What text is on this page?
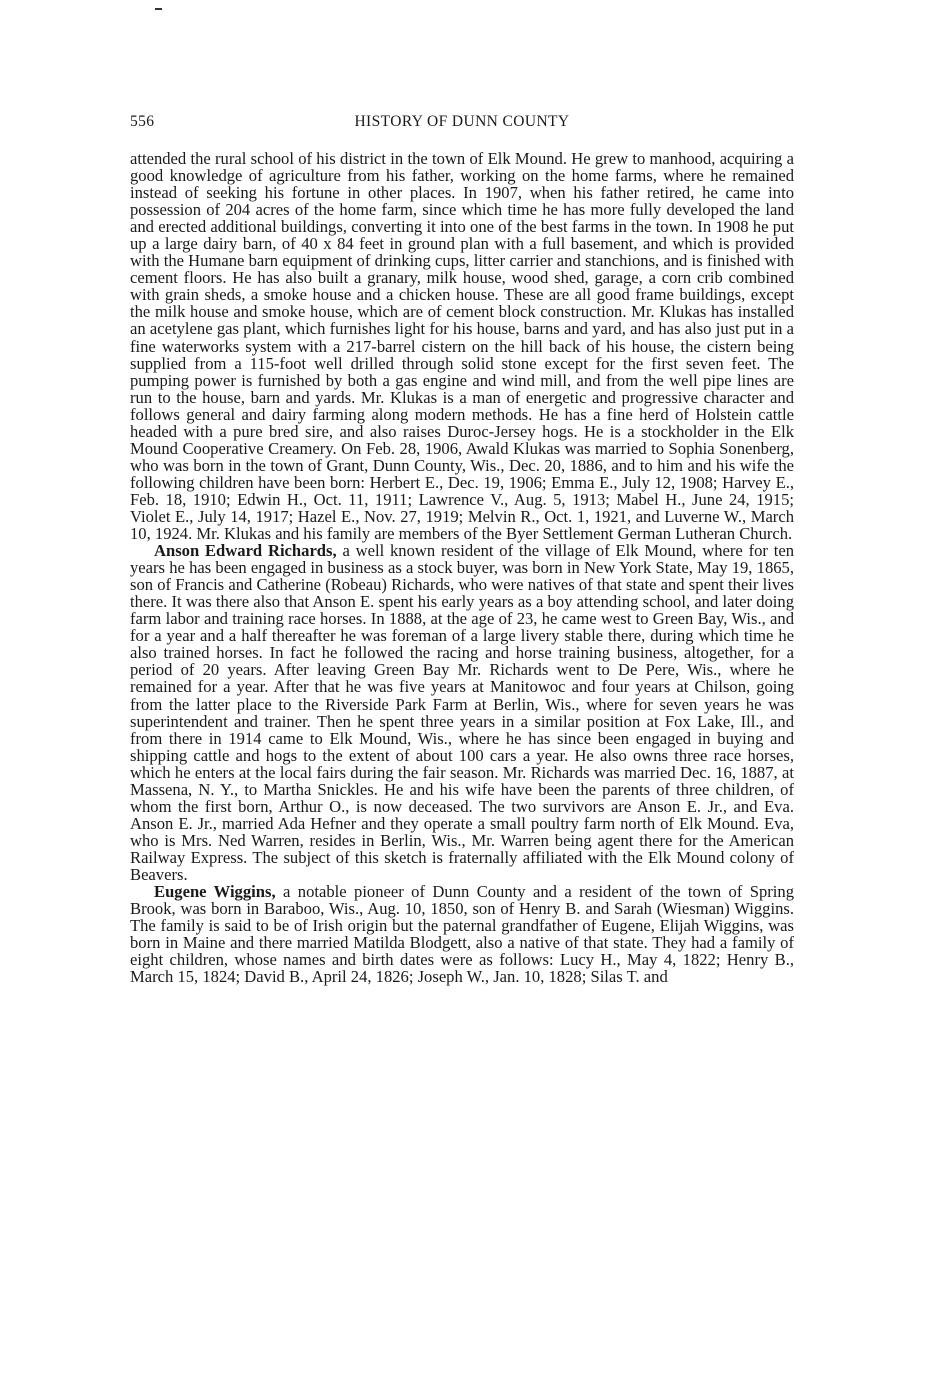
556	HISTORY OF DUNN COUNTY

attended the rural school of his district in the town of Elk Mound. He grew to manhood, acquiring a good knowledge of agriculture from his father, working on the home farms, where he remained instead of seeking his fortune in other places. In 1907, when his father retired, he came into possession of 204 acres of the home farm, since which time he has more fully developed the land and erected additional buildings, converting it into one of the best farms in the town. In 1908 he put up a large dairy barn, of 40 x 84 feet in ground plan with a full basement, and which is provided with the Humane barn equipment of drinking cups, litter carrier and stanchions, and is finished with cement floors. He has also built a granary, milk house, wood shed, garage, a corn crib combined with grain sheds, a smoke house and a chicken house. These are all good frame buildings, except the milk house and smoke house, which are of cement block construction. Mr. Klukas has installed an acetylene gas plant, which furnishes light for his house, barns and yard, and has also just put in a fine waterworks system with a 217-barrel cistern on the hill back of his house, the cistern being supplied from a 115-foot well drilled through solid stone except for the first seven feet. The pumping power is furnished by both a gas engine and wind mill, and from the well pipe lines are run to the house, barn and yards. Mr. Klukas is a man of energetic and progressive character and follows general and dairy farming along modern methods. He has a fine herd of Holstein cattle headed with a pure bred sire, and also raises Duroc-Jersey hogs. He is a stockholder in the Elk Mound Cooperative Creamery. On Feb. 28, 1906, Awald Klukas was married to Sophia Sonenberg, who was born in the town of Grant, Dunn County, Wis., Dec. 20, 1886, and to him and his wife the following children have been born: Herbert E., Dec. 19, 1906; Emma E., July 12, 1908; Harvey E., Feb. 18, 1910; Edwin H., Oct. 11, 1911; Lawrence V., Aug. 5, 1913; Mabel H., June 24, 1915; Violet E., July 14, 1917; Hazel E., Nov. 27, 1919; Melvin R., Oct. 1, 1921, and Luverne W., March 10, 1924. Mr. Klukas and his family are members of the Byer Settlement German Lutheran Church.

Anson Edward Richards, a well known resident of the village of Elk Mound, where for ten years he has been engaged in business as a stock buyer, was born in New York State, May 19, 1865, son of Francis and Catherine (Robeau) Richards, who were natives of that state and spent their lives there. It was there also that Anson E. spent his early years as a boy attending school, and later doing farm labor and training race horses. In 1888, at the age of 23, he came west to Green Bay, Wis., and for a year and a half thereafter he was foreman of a large livery stable there, during which time he also trained horses. In fact he followed the racing and horse training business, altogether, for a period of 20 years. After leaving Green Bay Mr. Richards went to De Pere, Wis., where he remained for a year. After that he was five years at Manitowoc and four years at Chilson, going from the latter place to the Riverside Park Farm at Berlin, Wis., where for seven years he was superintendent and trainer. Then he spent three years in a similar position at Fox Lake, Ill., and from there in 1914 came to Elk Mound, Wis., where he has since been engaged in buying and shipping cattle and hogs to the extent of about 100 cars a year. He also owns three race horses, which he enters at the local fairs during the fair season. Mr. Richards was married Dec. 16, 1887, at Massena, N. Y., to Martha Snickles. He and his wife have been the parents of three children, of whom the first born, Arthur O., is now deceased. The two survivors are Anson E. Jr., and Eva. Anson E. Jr., married Ada Hefner and they operate a small poultry farm north of Elk Mound. Eva, who is Mrs. Ned Warren, resides in Berlin, Wis., Mr. Warren being agent there for the American Railway Express. The subject of this sketch is fraternally affiliated with the Elk Mound colony of Beavers.

Eugene Wiggins, a notable pioneer of Dunn County and a resident of the town of Spring Brook, was born in Baraboo, Wis., Aug. 10, 1850, son of Henry B. and Sarah (Wiesman) Wiggins. The family is said to be of Irish origin but the paternal grandfather of Eugene, Elijah Wiggins, was born in Maine and there married Matilda Blodgett, also a native of that state. They had a family of eight children, whose names and birth dates were as follows: Lucy H., May 4, 1822; Henry B., March 15, 1824; David B., April 24, 1826; Joseph W., Jan. 10, 1828; Silas T. and
